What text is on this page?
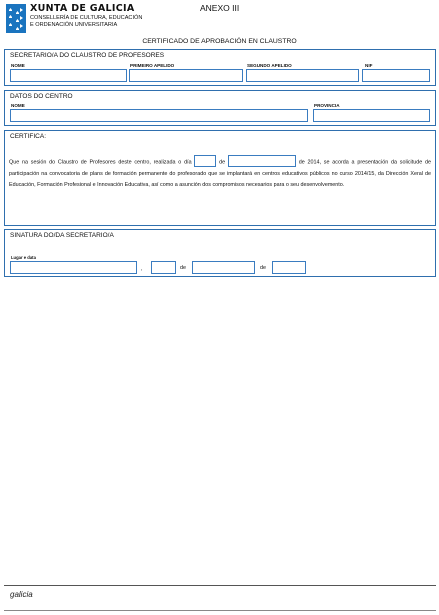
XUNTA DE GALICIA
CONSELLERÍA DE CULTURA, EDUCACIÓN
E ORDENACIÓN UNIVERSITARIA
ANEXO III
CERTIFICADO DE APROBACIÓN EN CLAUSTRO
SECRETARIO/A DO CLAUSTRO DE PROFESORES
NOME	PRIMEIRO APELIDO	SEGUNDO APELIDO	NIF
DATOS DO CENTRO
NOME	PROVINCIA
CERTIFICA:
Que na sesión do Claustro de Profesores deste centro, realizada o día	de	de 2014, se acorda a presentación da solicitude de participación na convocatoria de plans de formación permanente do profesorado que se implantará en centros educativos públicos no curso 2014/15, da Dirección Xeral de Educación, Formación Profesional e Innovación Educativa, así como a asunción dos compromisos necesarios para o seu desenvolvemento.
SINATURA DO/DA SECRETARIO/A
Lugar e data
,	de	de
galicia
